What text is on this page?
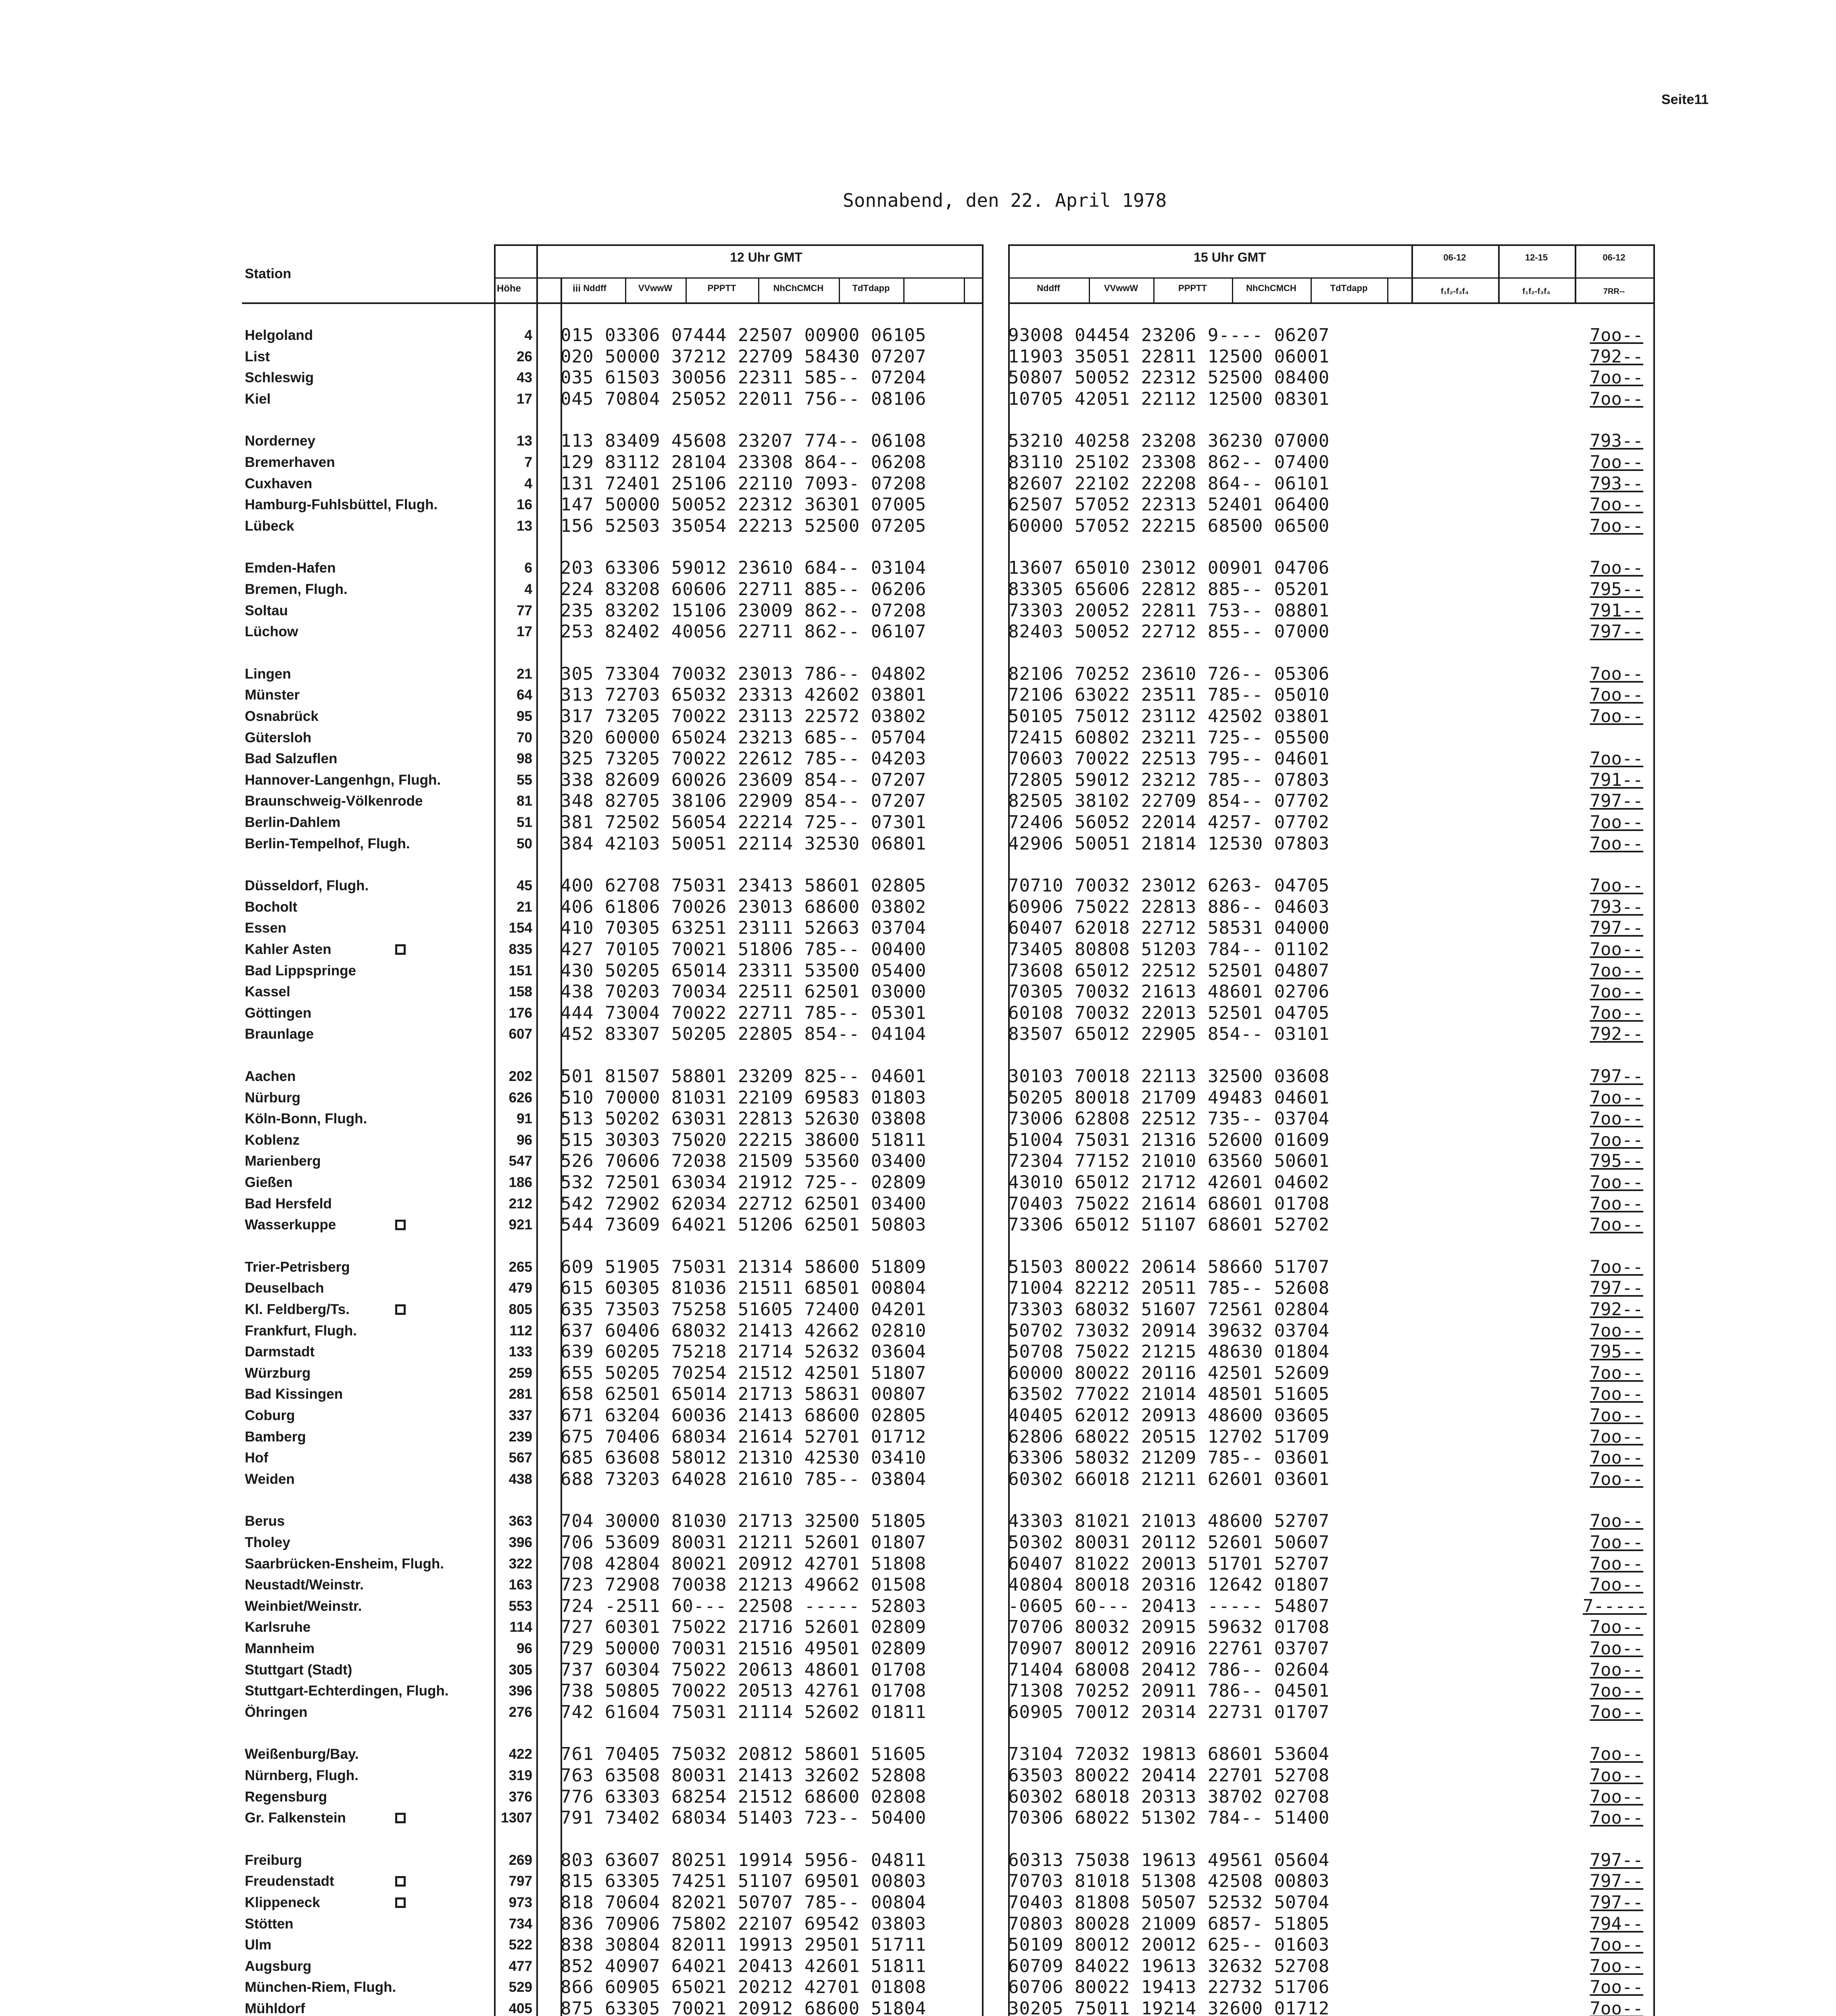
Seite11
Sonnabend, den 22. April 1978
Station
12 Uhr GMT	15 Uhr GMT
Höhe	iii Nddff	VVwwW	PPPTT	NhChCMCH	TdTdapp	Nddff	VVwwW	PPPTT	NhChCMCH	TdTdapp
06-12	12-15	06-12
f₁f₂-f₃f₄	f₁f₂-f₃f₄	7RR--
Helgoland	4 015 03306 07444 22507 00900 06105	93008 04454 23206 9---- 06207	7oo--
List	26 020 50000 37212 22709 58430 07207	11903 35051 22811 12500 06001	792--
Schleswig	43 035 61503 30056 22311 585-- 07204	50807 50052 22312 52500 08400	7oo--
Kiel	17 045 70804 25052 22011 756-- 08106	10705 42051 22112 12500 08301	7oo--
Norderney	13 113 83409 45608 23207 774-- 06108	53210 40258 23208 36230 07000	793--
Bremerhaven	7 129 83112 28104 23308 864-- 06208	83110 25102 23308 862-- 07400	7oo--
Cuxhaven	4 131 72401 25106 22110 7093- 07208	82607 22102 22208 864-- 06101	793--
Hamburg-Fuhlsbüttel, Flugh.	16 147 50000 50052 22312 36301 07005	62507 57052 22313 52401 06400	7oo--
Lübeck	13 156 52503 35054 22213 52500 07205	60000 57052 22215 68500 06500	7oo--
Emden-Hafen	6 203 63306 59012 23610 684-- 03104	13607 65010 23012 00901 04706	7oo--
Bremen, Flugh.	4 224 83208 60606 22711 885-- 06206	83305 65606 22812 885-- 05201	795--
Soltau	77 235 83202 15106 23009 862-- 07208	73303 20052 22811 753-- 08801	791--
Lüchow	17 253 82402 40056 22711 862-- 06107	82403 50052 22712 855-- 07000	797--
Lingen	21 305 73304 70032 23013 786-- 04802	82106 70252 23610 726-- 05306	7oo--
Münster	64 313 72703 65032 23313 42602 03801	72106 63022 23511 785-- 05010	7oo--
Osnabrück	95 317 73205 70022 23113 22572 03802	50105 75012 23112 42502 03801	7oo--
Gütersloh	70 320 60000 65024 23213 685-- 05704	72415 60802 23211 725-- 05500
Bad Salzuflen	98 325 73205 70022 22612 785-- 04203	70603 70022 22513 795-- 04601	7oo--
Hannover-Langenhgn, Flugh.	55 338 82609 60026 23609 854-- 07207	72805 59012 23212 785-- 07803	791--
Braunschweig-Völkenrode	81 348 82705 38106 22909 854-- 07207	82505 38102 22709 854-- 07702	797--
Berlin-Dahlem	51 381 72502 56054 22214 725-- 07301	72406 56052 22014 4257- 07702	7oo--
Berlin-Tempelhof, Flugh.	50 384 42103 50051 22114 32530 06801	42906 50051 21814 12530 07803	7oo--
Düsseldorf, Flugh.	45 400 62708 75031 23413 58601 02805	70710 70032 23012 6263- 04705	7oo--
Bocholt	21 406 61806 70026 23013 68600 03802	60906 75022 22813 886-- 04603	793--
Essen	154 410 70305 63251 23111 52663 03704	60407 62018 22712 58531 04000	797--
Kahler Asten	835 427 70105 70021 51806 785-- 00400	73405 80808 51203 784-- 01102	7oo--
Bad Lippspringe	151 430 50205 65014 23311 53500 05400	73608 65012 22512 52501 04807	7oo--
Kassel	158 438 70203 70034 22511 62501 03000	70305 70032 21613 48601 02706	7oo--
Göttingen	176 444 73004 70022 22711 785-- 05301	60108 70032 22013 52501 04705	7oo--
Braunlage	607 452 83307 50205 22805 854-- 04104	83507 65012 22905 854-- 03101	792--
Aachen	202 501 81507 58801 23209 825-- 04601	30103 70018 22113 32500 03608	797--
Nürburg	626 510 70000 81031 22109 69583 01803	50205 80018 21709 49483 04601	7oo--
Köln-Bonn, Flugh.	91 513 50202 63031 22813 52630 03808	73006 62808 22512 735-- 03704	7oo--
Koblenz	96 515 30303 75020 22215 38600 51811	51004 75031 21316 52600 01609	7oo--
Marienberg	547 526 70606 72038 21509 53560 03400	72304 77152 21010 63560 50601	795--
Gießen	186 532 72501 63034 21912 725-- 02809	43010 65012 21712 42601 04602	7oo--
Bad Hersfeld	212 542 72902 62034 22712 62501 03400	70403 75022 21614 68601 01708	7oo--
Wasserkuppe	921 544 73609 64021 51206 62501 50803	73306 65012 51107 68601 52702	7oo--
Trier-Petrisberg	265 609 51905 75031 21314 58600 51809	51503 80022 20614 58660 51707	7oo--
Deuselbach	479 615 60305 81036 21511 68501 00804	71004 82212 20511 785-- 52608	797--
Kl. Feldberg/Ts.	805 635 73503 75258 51605 72400 04201	73303 68032 51607 72561 02804	792--
Frankfurt, Flugh.	112 637 60406 68032 21413 42662 02810	50702 73032 20914 39632 03704	7oo--
Darmstadt	133 639 60205 75218 21714 52632 03604	50708 75022 21215 48630 01804	795--
Würzburg	259 655 50205 70254 21512 42501 51807	60000 80022 20116 42501 52609	7oo--
Bad Kissingen	281 658 62501 65014 21713 58631 00807	63502 77022 21014 48501 51605	7oo--
Coburg	337 671 63204 60036 21413 68600 02805	40405 62012 20913 48600 03605	7oo--
Bamberg	239 675 70406 68034 21614 52701 01712	62806 68022 20515 12702 51709	7oo--
Hof	567 685 63608 58012 21310 42530 03410	63306 58032 21209 785-- 03601	7oo--
Weiden	438 688 73203 64028 21610 785-- 03804	60302 66018 21211 62601 03601	7oo--
Berus	363 704 30000 81030 21713 32500 51805	43303 81021 21013 48600 52707	7oo--
Tholey	396 706 53609 80031 21211 52601 01807	50302 80031 20112 52601 50607	7oo--
Saarbrücken-Ensheim, Flugh.	322 708 42804 80021 20912 42701 51808	60407 81022 20013 51701 52707	7oo--
Neustadt/Weinstr.	163 723 72908 70038 21213 49662 01508	40804 80018 20316 12642 01807	7oo--
Weinbiet/Weinstr.	553 724 -2511 60--- 22508 ----- 52803	-0605 60--- 20413 ----- 54807	7-----
Karlsruhe	114 727 60301 75022 21716 52601 02809	70706 80032 20915 59632 01708	7oo--
Mannheim	96 729 50000 70031 21516 49501 02809	70907 80012 20916 22761 03707	7oo--
Stuttgart (Stadt)	305 737 60304 75022 20613 48601 01708	71404 68008 20412 786-- 02604	7oo--
Stuttgart-Echterdingen, Flugh.	396 738 50805 70022 20513 42761 01708	71308 70252 20911 786-- 04501	7oo--
Öhringen	276 742 61604 75031 21114 52602 01811	60905 70012 20314 22731 01707	7oo--
Weißenburg/Bay.	422 761 70405 75032 20812 58601 51605	73104 72032 19813 68601 53604	7oo--
Nürnberg, Flugh.	319 763 63508 80031 21413 32602 52808	63503 80022 20414 22701 52708	7oo--
Regensburg	376 776 63303 68254 21512 68600 02808	60302 68018 20313 38702 02708	7oo--
Gr. Falkenstein	1307 791 73402 68034 51403 723-- 50400	70306 68022 51302 784-- 51400	7oo--
Freiburg	269 803 63607 80251 19914 5956- 04811	60313 75038 19613 49561 05604	797--
Freudenstadt	797 815 63305 74251 51107 69501 00803	70703 81018 51308 42508 00803	797--
Klippeneck	973 818 70604 82021 50707 785-- 00804	70403 81808 50507 52532 50704	797--
Stötten	734 836 70906 75802 22107 69542 03803	70803 80028 21009 6857- 51805	794--
Ulm	522 838 30804 82011 19913 29501 51711	50109 80012 20012 625-- 01603	7oo--
Augsburg	477 852 40907 64021 20413 42601 51811	60709 84022 19613 32632 52708	7oo--
München-Riem, Flugh.	529 866 60905 65021 20212 42701 01808	60706 80022 19413 22732 51706	7oo--
Mühldorf	405 875 63305 70021 20912 68600 51804	30205 75011 19214 32600 01712	7oo--
